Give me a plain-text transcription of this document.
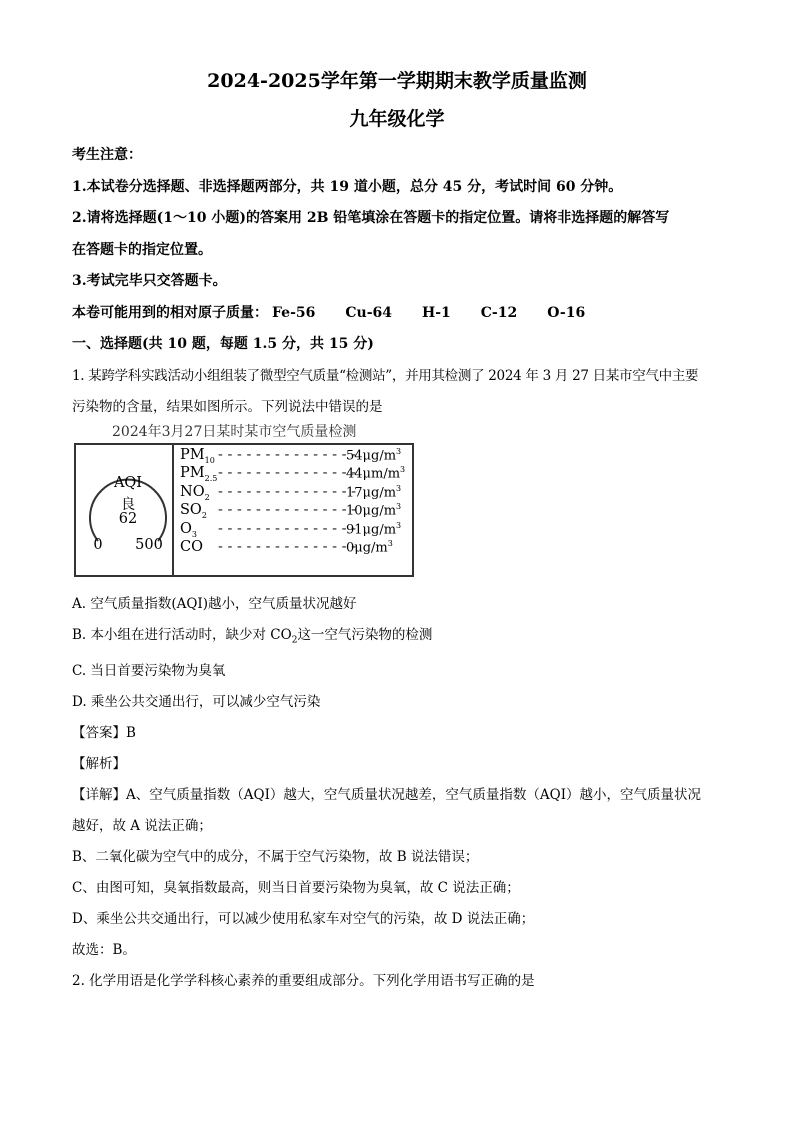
2024-2025学年第一学期期末教学质量监测

九年级化学

考生注意：
1.本试卷分选择题、非选择题两部分，共 19 道小题，总分 45 分，考试时间 60 分钟。
2.请将选择题(1～10 小题)的答案用 2B 铅笔填涂在答题卡的指定位置。请将非选择题的解答写
在答题卡的指定位置。
3.考试完毕只交答题卡。
本卷可能用到的相对原子质量： Fe-56 Cu-64 H-1 C-12 O-16
一、选择题(共 10 题，每题 1.5 分，共 15 分)
1. 某跨学科实践活动小组组装了微型空气质量“检测站”，并用其检测了 2024 年 3 月 27 日某市空气中主要
污染物的含量，结果如图所示。下列说法中错误的是
2024年3月27日某时某市空气质量检测
AQI
良
62
0 500
$PM_{10}$ - - - - - - - - - - - - - - -
$54\mu g/m^3$
$PM_{2.5}$ - - - - - - - - - - - - - - -
$44\mu m/m^3$
$NO_2$ - - - - - - - - - - - - - - -
$17\mu g/m^3$
$SO_2$ - - - - - - - - - - - - - - -
$10\mu g/m^3$
$O_3$ - - - - - - - - - - - - - - -
$91\mu g/m^3$
CO - - - - - - - - - - - - - - -
$0\mu g/m^3$
A. 空气质量指数(AQI)越小，空气质量状况越好
B. 本小组在进行活动时，缺少对 $CO_2$这一空气污染物的检测
C. 当日首要污染物为臭氧
D. 乘坐公共交通出行，可以减少空气污染
【答案】B
【解析】
【详解】A、空气质量指数（AQI）越大，空气质量状况越差，空气质量指数（AQI）越小，空气质量状况
越好，故 A 说法正确；
B、二氧化碳为空气中的成分，不属于空气污染物，故 B 说法错误；
C、由图可知，臭氧指数最高，则当日首要污染物为臭氧，故 C 说法正确；
D、乘坐公共交通出行，可以减少使用私家车对空气的污染，故 D 说法正确；
故选：B。
2. 化学用语是化学学科核心素养的重要组成部分。下列化学用语书写正确的是
